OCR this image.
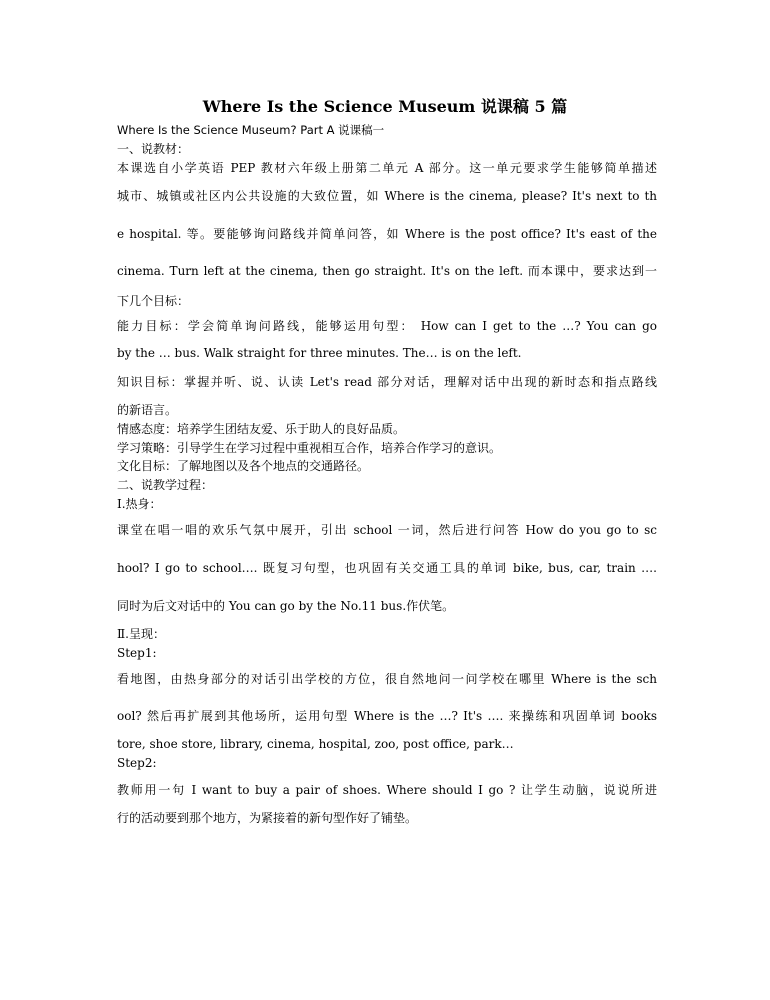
Where Is the Science Museum 说课稿 5 篇
Where Is the Science Museum? Part A 说课稿一
一、说教材：
本课选自小学英语 PEP 教材六年级上册第二单元 A 部分。这一单元要求学生能够简单描述
城市、城镇或社区内公共设施的大致位置，如 Where is the cinema, please? It's next to th
e hospital. 等。要能够询问路线并简单问答，如 Where is the post office? It's east of the
cinema. Turn left at the cinema, then go straight. It's on the left. 而本课中，要求达到一
下几个目标：
能力目标：学会简单询问路线，能够运用句型： How can I get to the …? You can go
by the … bus. Walk straight for three minutes. The… is on the left.
知识目标：掌握并听、说、认读 Let's read 部分对话，理解对话中出现的新时态和指点路线
的新语言。
情感态度：培养学生团结友爱、乐于助人的良好品质。
学习策略：引导学生在学习过程中重视相互合作，培养合作学习的意识。
文化目标：了解地图以及各个地点的交通路径。
二、说教学过程：
Ⅰ.热身：
课堂在唱一唱的欢乐气氛中展开，引出 school 一词，然后进行问答 How do you go to sc
hool? I go to school…. 既复习句型，也巩固有关交通工具的单词 bike, bus, car, train ….
同时为后文对话中的 You can go by the No.11 bus.作伏笔。
Ⅱ.呈现：
Step1:
看地图，由热身部分的对话引出学校的方位，很自然地问一问学校在哪里 Where is the sch
ool? 然后再扩展到其他场所，运用句型 Where is the …? It's …. 来操练和巩固单词 books
tore, shoe store, library, cinema, hospital, zoo, post office, park…
Step2:
教师用一句 I want to buy a pair of shoes. Where should I go ? 让学生动脑，说说所进
行的活动要到那个地方，为紧接着的新句型作好了铺垫。
